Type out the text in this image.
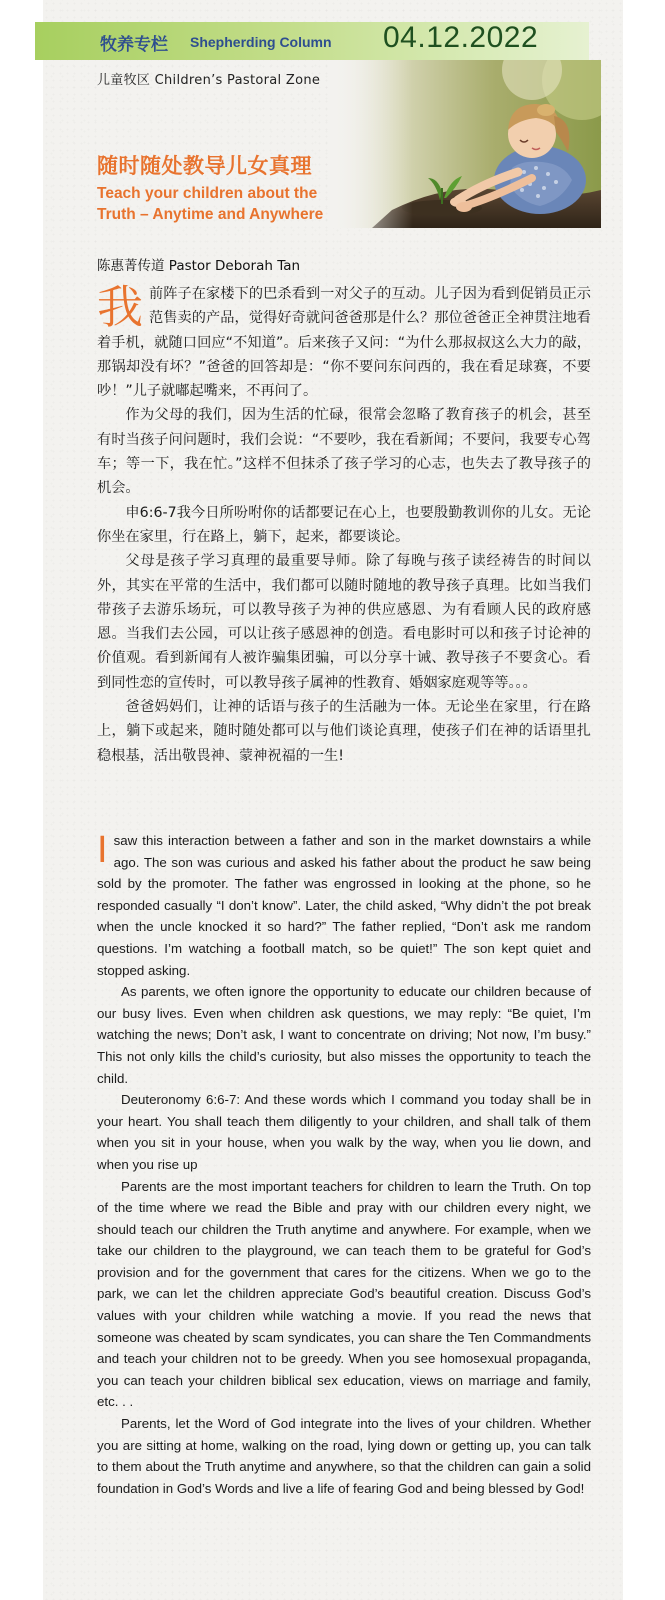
牧养专栏 Shepherding Column 04.12.2022
儿童牧区 Children’s Pastoral Zone
随时随处教导儿女真理
Teach your children about the
Truth – Anytime and Anywhere
陈惠菁传道 Pastor Deborah Tan

我前阵子在家楼下的巴杀看到一对父子的互动。儿子因为看到促销员正示范售卖的产品，觉得好奇就问爸爸那是什么？那位爸爸正全神贯注地看着手机，就随口回应“不知道”。后来孩子又问：“为什么那叔叔这么大力的敲，那锅却没有坏？”爸爸的回答却是：“你不要问东问西的，我在看足球赛，不要吵！”儿子就嘟起嘴来，不再问了。

作为父母的我们，因为生活的忙碌，很常会忽略了教育孩子的机会，甚至有时当孩子问问题时，我们会说：“不要吵，我在看新闻；不要问，我要专心驾车；等一下，我在忙。”这样不但抹杀了孩子学习的心志，也失去了教导孩子的机会。

申6:6-7我今日所吩咐你的话都要记在心上，也要殷勤教训你的儿女。无论你坐在家里，行在路上，躺下，起来，都要谈论。

父母是孩子学习真理的最重要导师。除了每晚与孩子读经祷告的时间以外，其实在平常的生活中，我们都可以随时随地的教导孩子真理。比如当我们带孩子去游乐场玩，可以教导孩子为神的供应感恩、为有看顾人民的政府感恩。当我们去公园，可以让孩子感恩神的创造。看电影时可以和孩子讨论神的价值观。看到新闻有人被诈骗集团骗，可以分享十诫、教导孩子不要贪心。看到同性恋的宣传时，可以教导孩子属神的性教育、婚姻家庭观等等。。。

爸爸妈妈们，让神的话语与孩子的生活融为一体。无论坐在家里，行在路上，躺下或起来，随时随处都可以与他们谈论真理，使孩子们在神的话语里扎稳根基，活出敬畏神、蒙神祝福的一生!

Isaw this interaction between a father and son in the market downstairs a while ago. The son was curious and asked his father about the product he saw being sold by the promoter. The father was engrossed in looking at the phone, so he responded casually “I don’t know”. Later, the child asked, “Why didn’t the pot break when the uncle knocked it so hard?” The father replied, “Don’t ask me random questions. I’m watching a football match, so be quiet!” The son kept quiet and stopped asking.

As parents, we often ignore the opportunity to educate our children because of our busy lives. Even when children ask questions, we may reply: “Be quiet, I’m watching the news; Don’t ask, I want to concentrate on driving; Not now, I’m busy.” This not only kills the child’s curiosity, but also misses the opportunity to teach the child.

Deuteronomy 6:6-7: And these words which I command you today shall be in your heart. You shall teach them diligently to your children, and shall talk of them when you sit in your house, when you walk by the way, when you lie down, and when you rise up

Parents are the most important teachers for children to learn the Truth. On top of the time where we read the Bible and pray with our children every night, we should teach our children the Truth anytime and anywhere. For example, when we take our children to the playground, we can teach them to be grateful for God’s provision and for the government that cares for the citizens. When we go to the park, we can let the children appreciate God’s beautiful creation. Discuss God’s values with your children while watching a movie. If you read the news that someone was cheated by scam syndicates, you can share the Ten Commandments and teach your children not to be greedy. When you see homosexual propaganda, you can teach your children biblical sex education, views on marriage and family, etc. . .

Parents, let the Word of God integrate into the lives of your children. Whether you are sitting at home, walking on the road, lying down or getting up, you can talk to them about the Truth anytime and anywhere, so that the children can gain a solid foundation in God’s Words and live a life of fearing God and being blessed by God!
